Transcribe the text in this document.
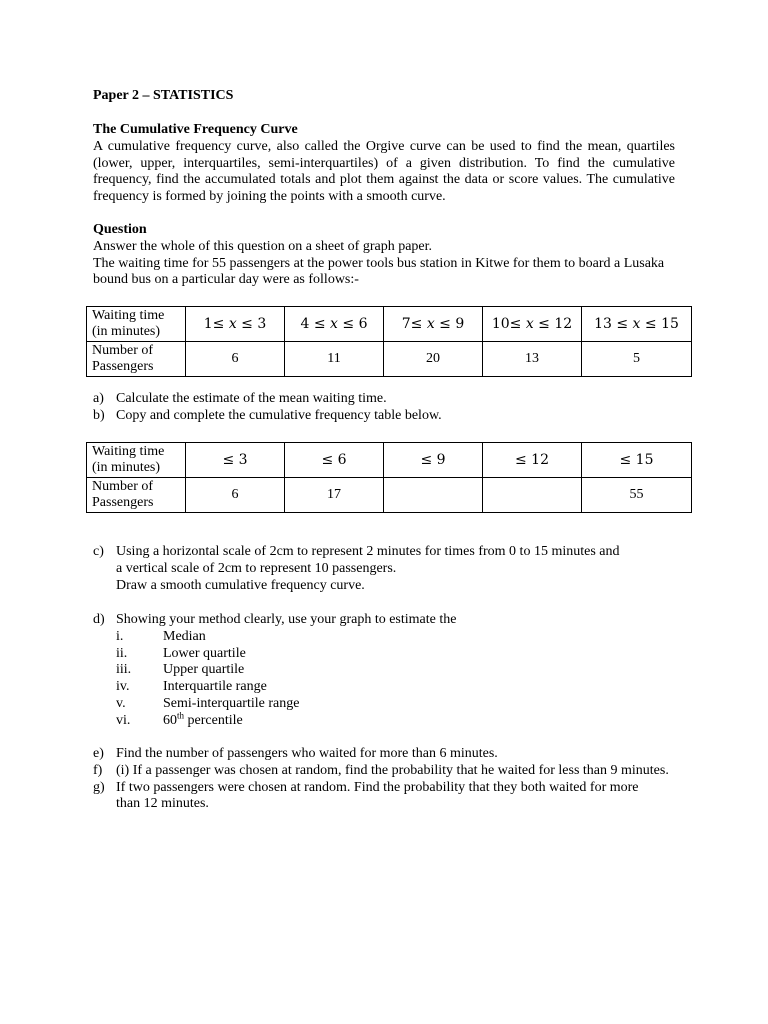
Paper 2 – STATISTICS
The Cumulative Frequency Curve
A cumulative frequency curve, also called the Orgive curve can be used to find the mean, quartiles (lower, upper, interquartiles, semi-interquartiles) of a given distribution. To find the cumulative frequency, find the accumulated totals and plot them against the data or score values. The cumulative frequency is formed by joining the points with a smooth curve.
Question
Answer the whole of this question on a sheet of graph paper.
The waiting time for 55 passengers at the power tools bus station in Kitwe for them to board a Lusaka bound bus on a particular day were as follows:-
Waiting time
(in minutes)	1≤ x ≤ 3	4 ≤ x ≤ 6	7≤ x ≤ 9	10≤ x ≤ 12	13 ≤ x ≤ 15
Number of
Passengers	6	11	20	13	5
a) Calculate the estimate of the mean waiting time.
b) Copy and complete the cumulative frequency table below.
Waiting time
(in minutes)	≤ 3	≤ 6	≤ 9	≤ 12	≤ 15
Number of
Passengers	6	17			55
c) Using a horizontal scale of 2cm to represent 2 minutes for times from 0 to 15 minutes and
a vertical scale of 2cm to represent 10 passengers.
Draw a smooth cumulative frequency curve.
d) Showing your method clearly, use your graph to estimate the
i.	Median
ii.	Lower quartile
iii. Upper quartile
iv. Interquartile range
v.	Semi-interquartile range
vi. 60th percentile
e) Find the number of passengers who waited for more than 6 minutes.
f) (i) If a passenger was chosen at random, find the probability that he waited for less than 9 minutes.
g) If two passengers were chosen at random. Find the probability that they both waited for more than 12 minutes.
